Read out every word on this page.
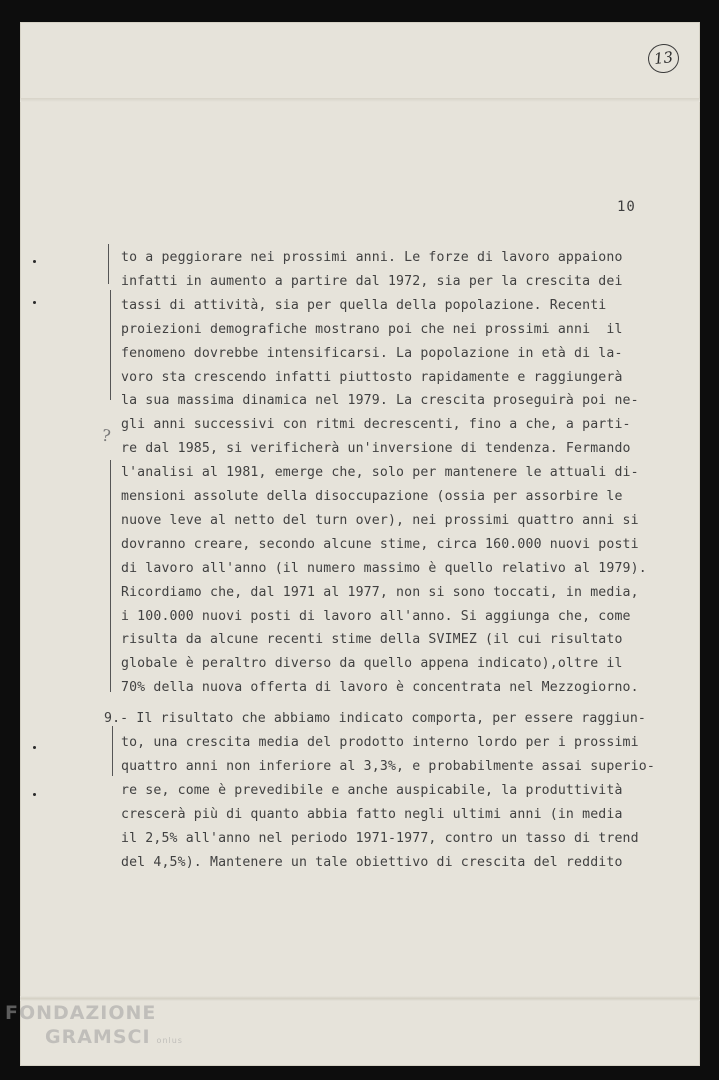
13
10
?
to a peggiorare nei prossimi anni. Le forze di lavoro appaiono
infatti in aumento a partire dal 1972, sia per la crescita dei
tassi di attività, sia per quella della popolazione. Recenti
proiezioni demografiche mostrano poi che nei prossimi anni  il
fenomeno dovrebbe intensificarsi. La popolazione in età di la-
voro sta crescendo infatti piuttosto rapidamente e raggiungerà
la sua massima dinamica nel 1979. La crescita proseguirà poi ne-
gli anni successivi con ritmi decrescenti, fino a che, a parti-
re dal 1985, si verificherà un'inversione di tendenza. Fermando
l'analisi al 1981, emerge che, solo per mantenere le attuali di-
mensioni assolute della disoccupazione (ossia per assorbire le
nuove leve al netto del turn over), nei prossimi quattro anni si
dovranno creare, secondo alcune stime, circa 160.000 nuovi posti
di lavoro all'anno (il numero massimo è quello relativo al 1979).
Ricordiamo che, dal 1971 al 1977, non si sono toccati, in media,
i 100.000 nuovi posti di lavoro all'anno. Si aggiunga che, come
risulta da alcune recenti stime della SVIMEZ (il cui risultato
globale è peraltro diverso da quello appena indicato),oltre il
70% della nuova offerta di lavoro è concentrata nel Mezzogiorno.
9.- Il risultato che abbiamo indicato comporta, per essere raggiun-
to, una crescita media del prodotto interno lordo per i prossimi
quattro anni non inferiore al 3,3%, e probabilmente assai superio-
re se, come è prevedibile e anche auspicabile, la produttività
crescerà più di quanto abbia fatto negli ultimi anni (in media
il 2,5% all'anno nel periodo 1971-1977, contro un tasso di trend
del 4,5%). Mantenere un tale obiettivo di crescita del reddito
FONDAZIONE
GRAMSCI onlus
